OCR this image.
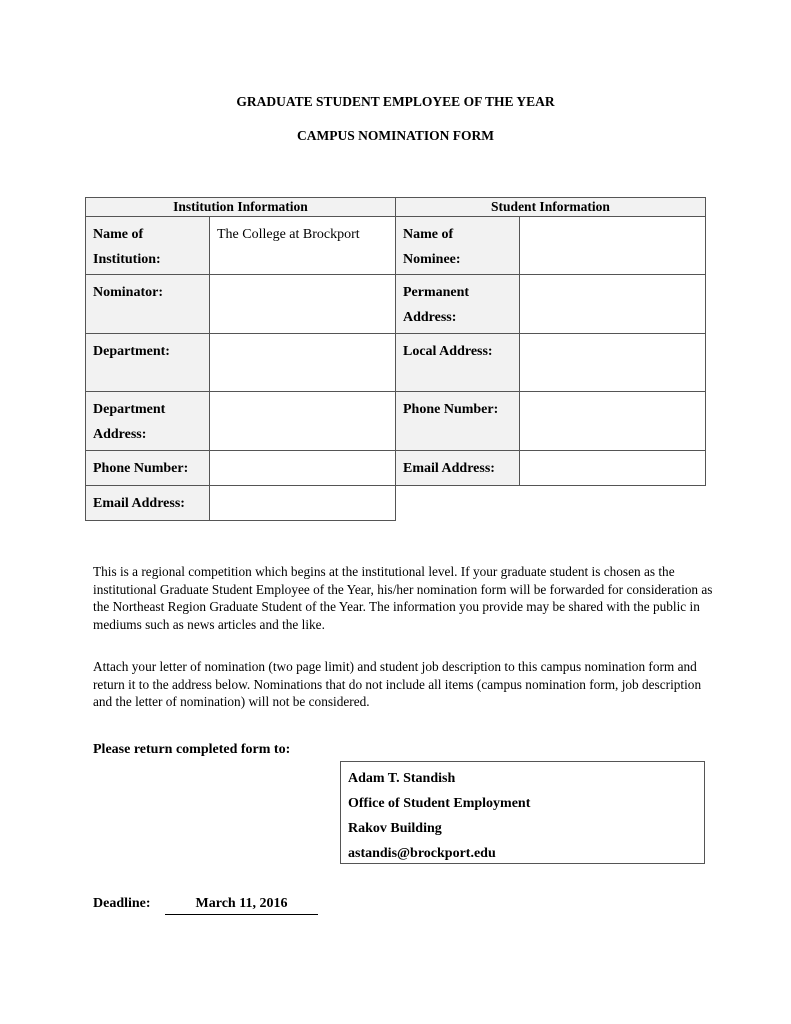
GRADUATE STUDENT EMPLOYEE OF THE YEAR
CAMPUS NOMINATION FORM
Institution Information	Student Information
Name of Institution:
The College at Brockport
Nominator:
Department:
Department Address:
Phone Number:
Email Address:
Name of Nominee:
Permanent Address:
Local Address:
Phone Number:
Email Address:
This is a regional competition which begins at the institutional level. If your graduate student is chosen as the institutional Graduate Student Employee of the Year, his/her nomination form will be forwarded for consideration as the Northeast Region Graduate Student of the Year. The information you provide may be shared with the public in mediums such as news articles and the like.
Attach your letter of nomination (two page limit) and student job description to this campus nomination form and return it to the address below. Nominations that do not include all items (campus nomination form, job description and the letter of nomination) will not be considered.
Please return completed form to:
Adam T. Standish
Office of Student Employment
Rakov Building
astandis@brockport.edu
Deadline:	March 11, 2016
